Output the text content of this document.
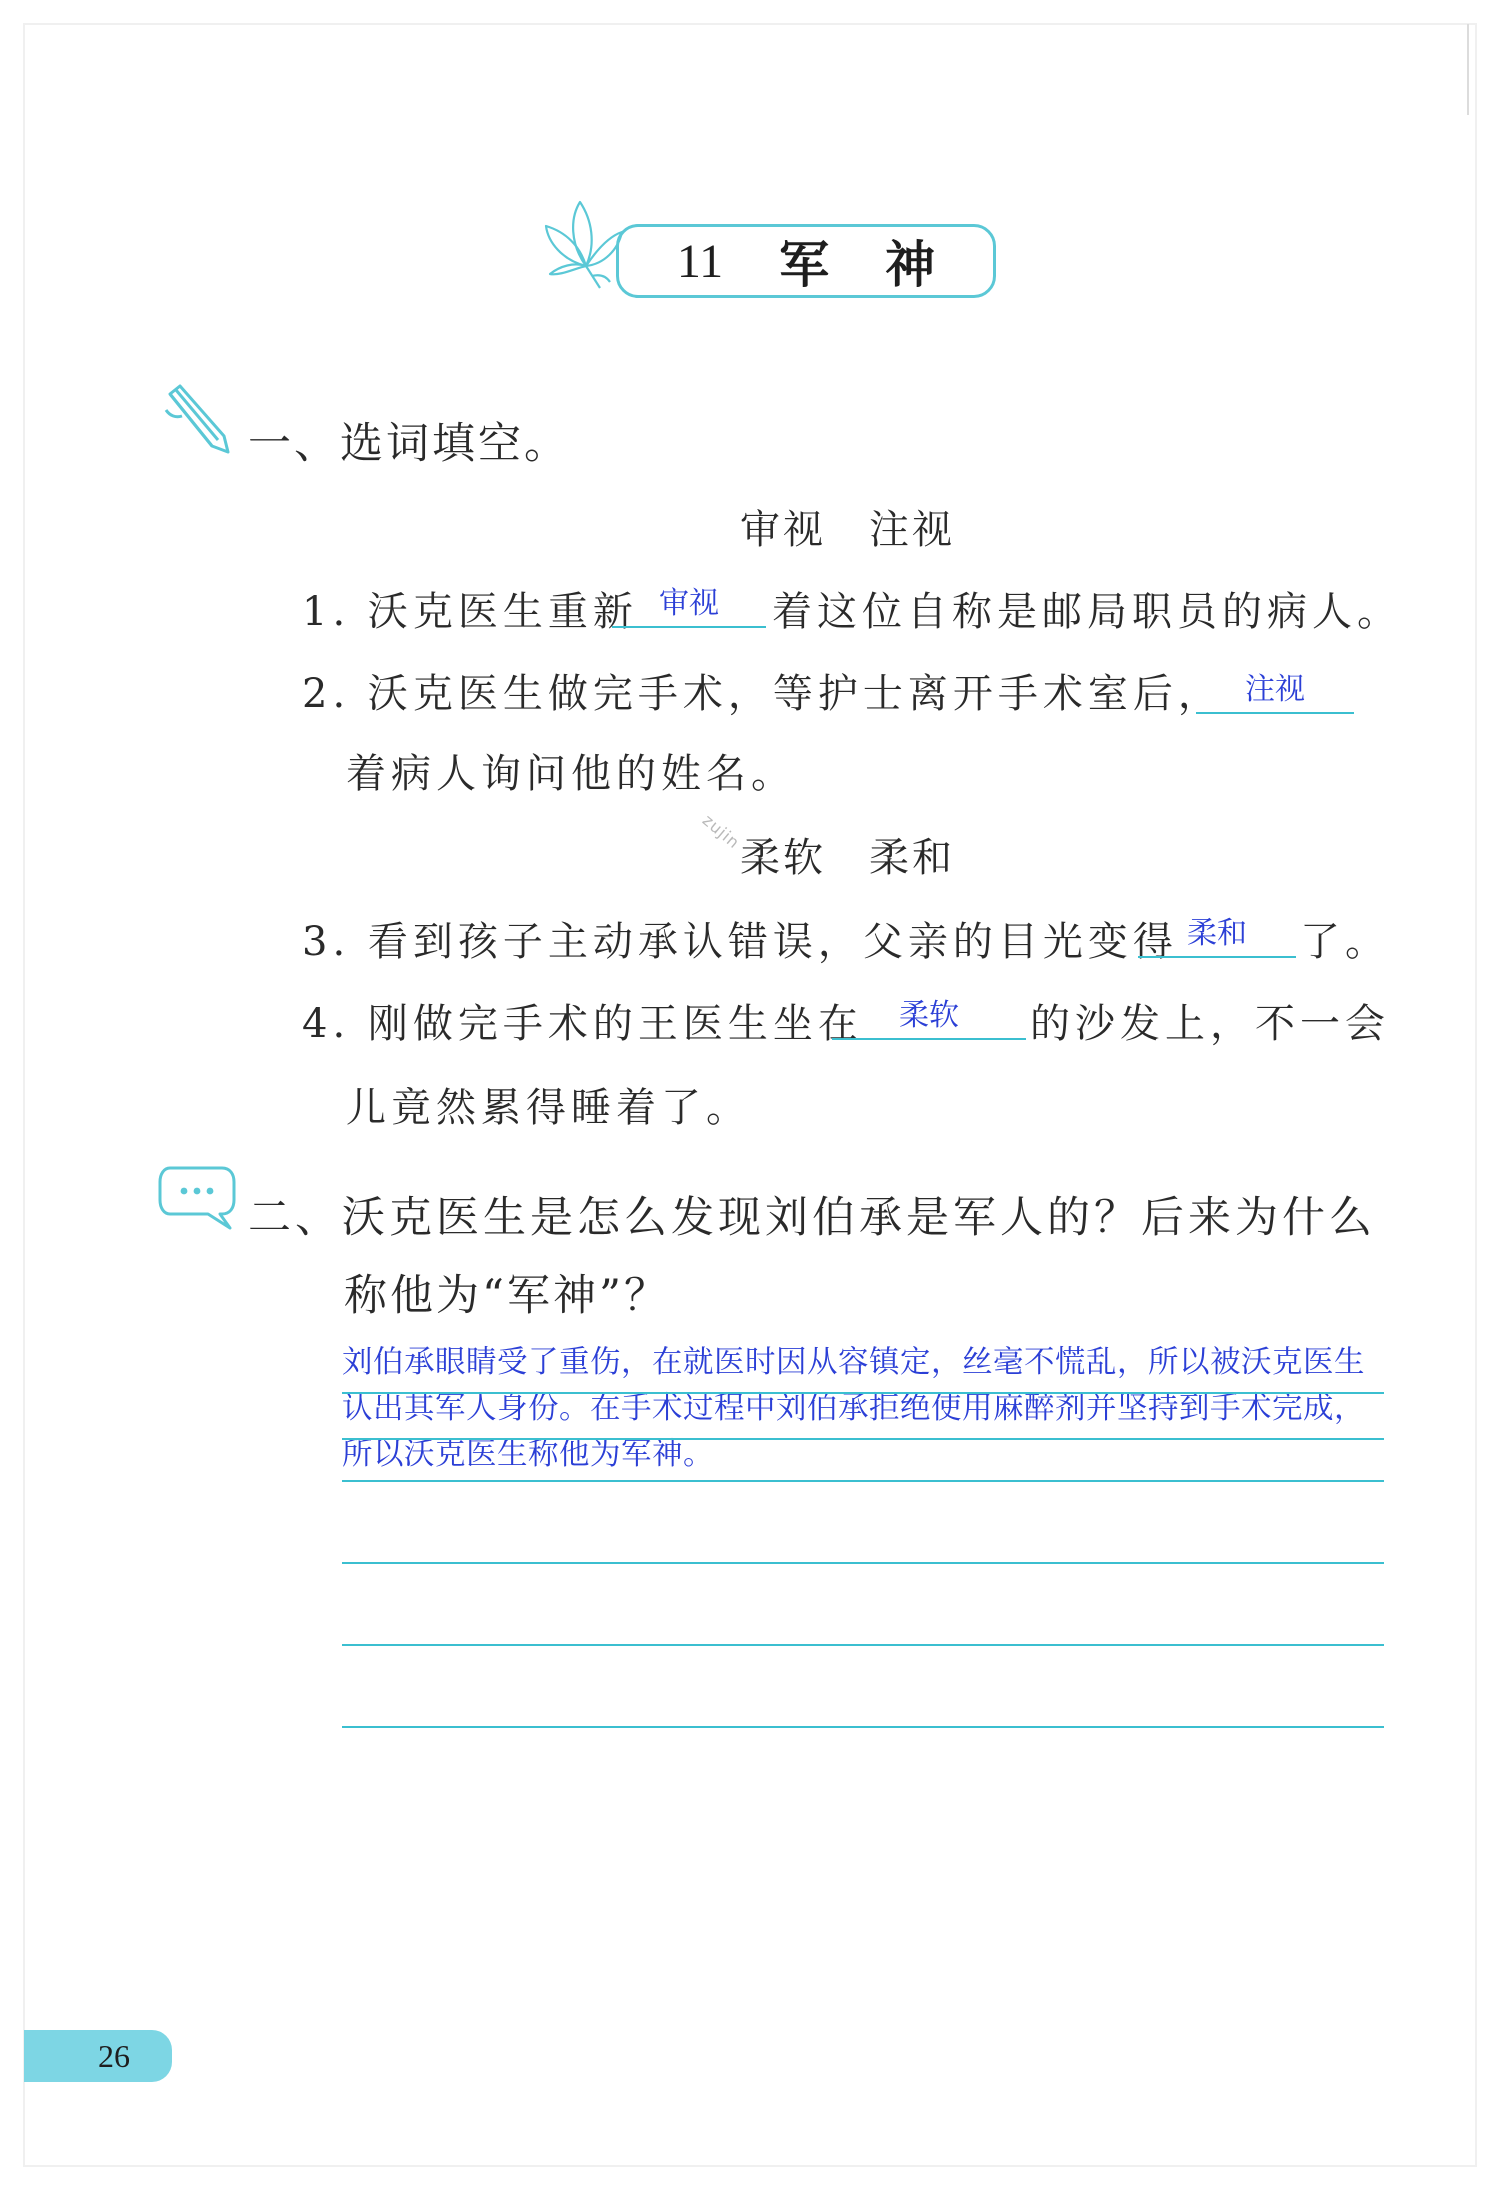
11 军 神
一、选词填空。
审视　注视
1. 沃克医生重新 审视	着这位自称是邮局职员的病人。
2. 沃克医生做完手术，等护士离开手术室后， 注视
着病人询问他的姓名。
柔软　柔和
zujin
3. 看到孩子主动承认错误，父亲的目光变得 柔和	了。
4. 刚做完手术的王医生坐在	柔软	的沙发上，不一会
儿竟然累得睡着了。
二、沃克医生是怎么发现刘伯承是军人的？后来为什么
称他为“军神”？
刘伯承眼睛受了重伤，在就医时因从容镇定，丝毫不慌乱，所以被沃克医生认出其军人身份。在手术过程中刘伯承拒绝使用麻醉剂并坚持到手术完成，所以沃克医生称他为军神。
26
